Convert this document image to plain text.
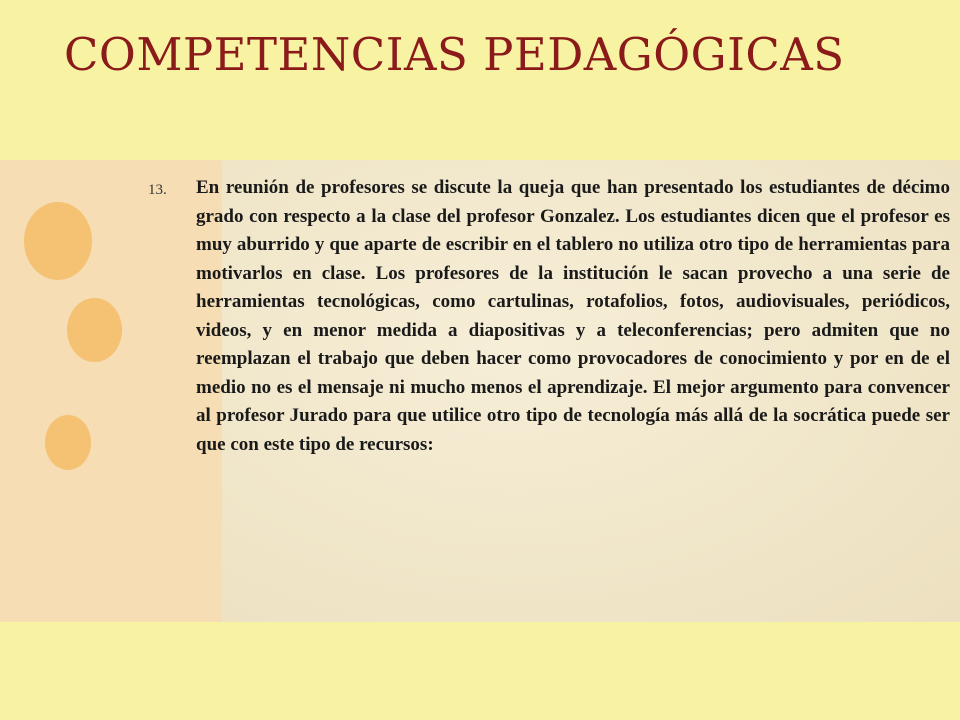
COMPETENCIAS PEDAGÓGICAS
13.	En reunión de profesores se discute la queja que han presentado los estudiantes de décimo grado con respecto a la clase del profesor Gonzalez. Los estudiantes dicen que el profesor es muy aburrido y que aparte de escribir en el tablero no utiliza otro tipo de herramientas para motivarlos en clase. Los profesores de la institución le sacan provecho a una serie de herramientas tecnológicas, como cartulinas, rotafolios, fotos, audiovisuales, periódicos, videos, y en menor medida a diapositivas y a teleconferencias; pero admiten que no reemplazan el trabajo que deben hacer como provocadores de conocimiento y por en de el medio no es el mensaje ni mucho menos el aprendizaje. El mejor argumento para convencer al profesor Jurado para que utilice otro tipo de tecnología más allá de la socrática puede ser que con este tipo de recursos:
